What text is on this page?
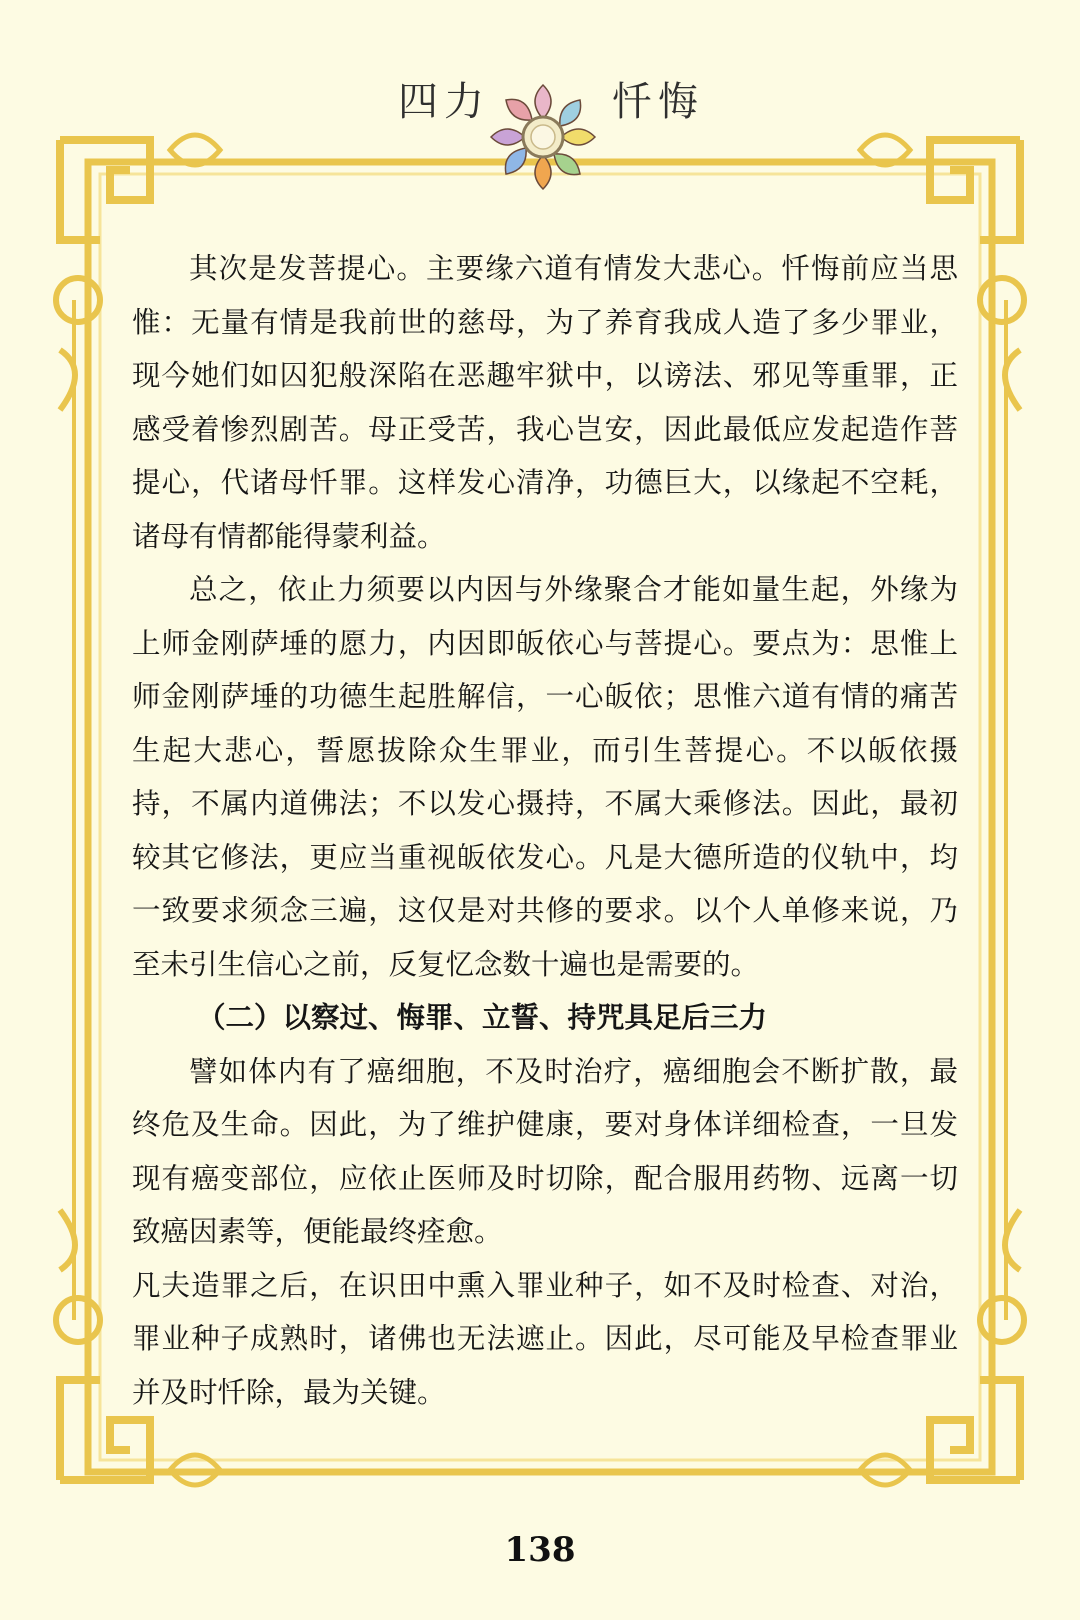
四力	忏悔

其次是发菩提心。主要缘六道有情发大悲心。忏悔前应当思惟：无量有情是我前世的慈母，为了养育我成人造了多少罪业，现今她们如囚犯般深陷在恶趣牢狱中，以谤法、邪见等重罪，正感受着惨烈剧苦。母正受苦，我心岂安，因此最低应发起造作菩提心，代诸母忏罪。这样发心清净，功德巨大，以缘起不空耗，诸母有情都能得蒙利益。

总之，依止力须要以内因与外缘聚合才能如量生起，外缘为上师金刚萨埵的愿力，内因即皈依心与菩提心。要点为：思惟上师金刚萨埵的功德生起胜解信，一心皈依；思惟六道有情的痛苦生起大悲心，誓愿拔除众生罪业，而引生菩提心。不以皈依摄持，不属内道佛法；不以发心摄持，不属大乘修法。因此，最初较其它修法，更应当重视皈依发心。凡是大德所造的仪轨中，均一致要求须念三遍，这仅是对共修的要求。以个人单修来说，乃至未引生信心之前，反复忆念数十遍也是需要的。

（二）以察过、悔罪、立誓、持咒具足后三力

譬如体内有了癌细胞，不及时治疗，癌细胞会不断扩散，最终危及生命。因此，为了维护健康，要对身体详细检查，一旦发现有癌变部位，应依止医师及时切除，配合服用药物、远离一切致癌因素等，便能最终痊愈。

凡夫造罪之后，在识田中熏入罪业种子，如不及时检查、对治，罪业种子成熟时，诸佛也无法遮止。因此，尽可能及早检查罪业并及时忏除，最为关键。

138
